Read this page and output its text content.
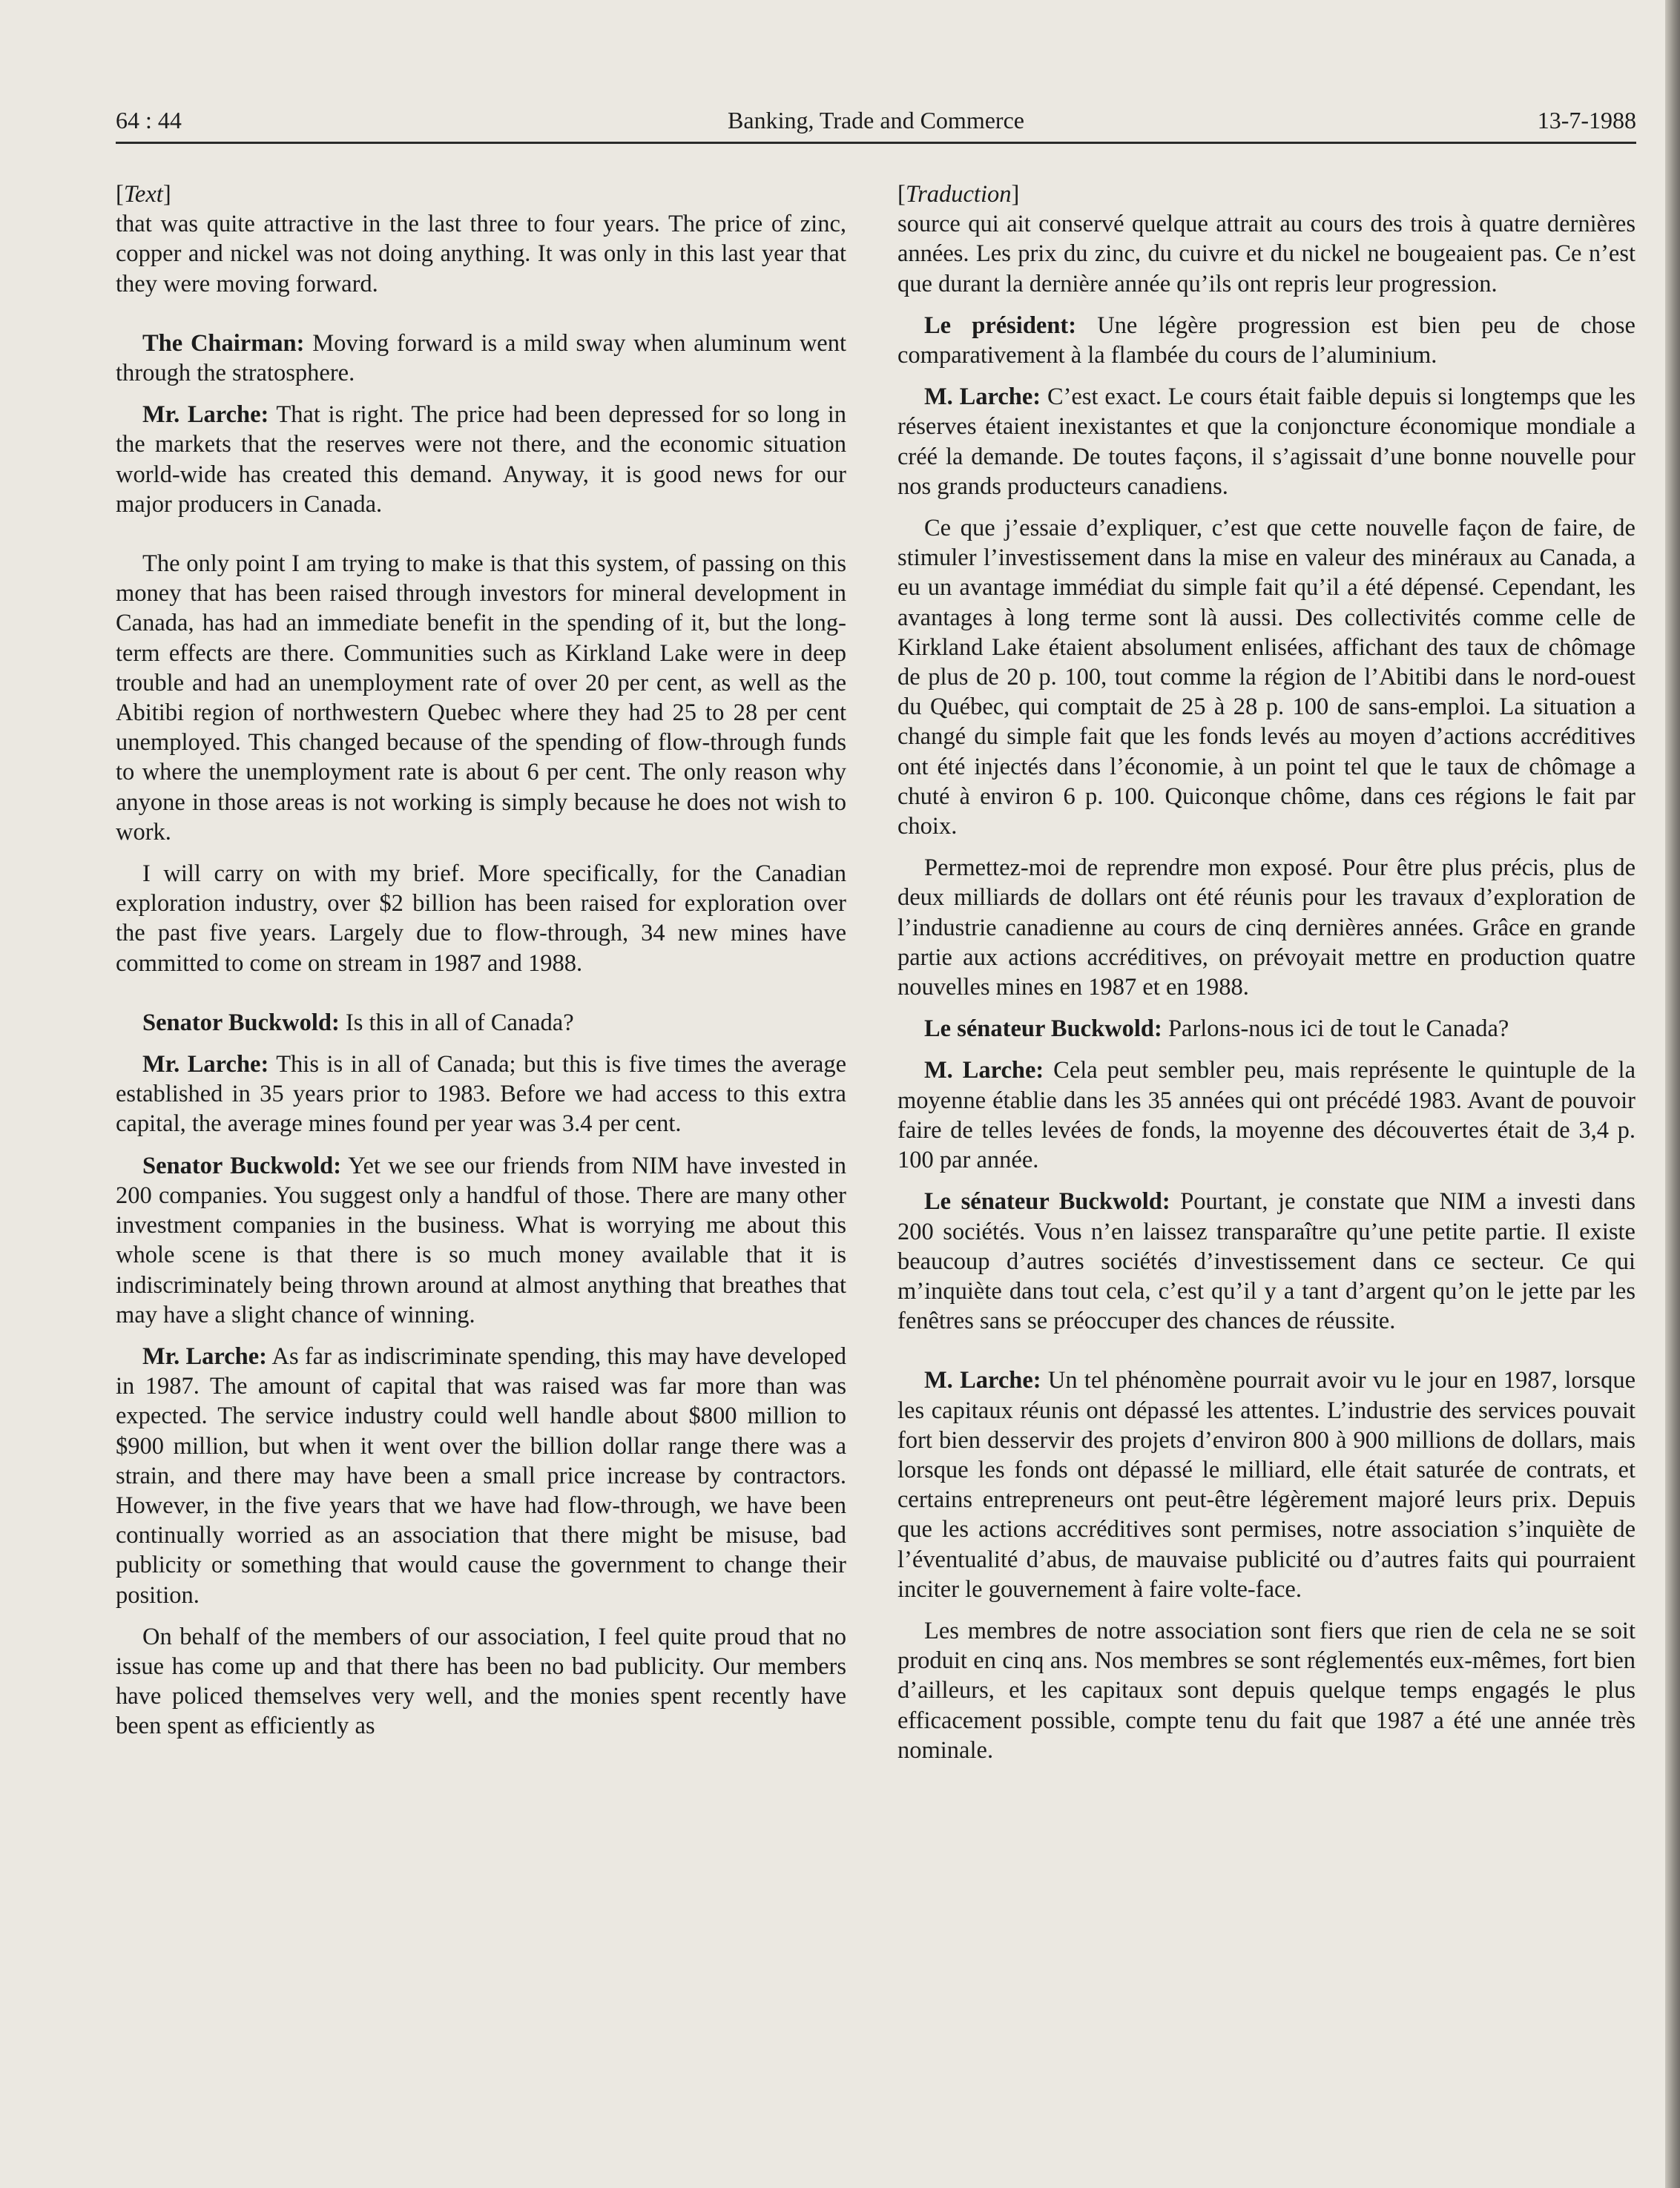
64 : 44	Banking, Trade and Commerce	13-7-1988

[Text]

that was quite attractive in the last three to four years. The price of zinc, copper and nickel was not doing anything. It was only in this last year that they were moving forward.

The Chairman: Moving forward is a mild sway when aluminum went through the stratosphere.

Mr. Larche: That is right. The price had been depressed for so long in the markets that the reserves were not there, and the economic situation world-wide has created this demand. Anyway, it is good news for our major producers in Canada.

The only point I am trying to make is that this system, of passing on this money that has been raised through investors for mineral development in Canada, has had an immediate benefit in the spending of it, but the long-term effects are there. Communities such as Kirkland Lake were in deep trouble and had an unemployment rate of over 20 per cent, as well as the Abitibi region of northwestern Quebec where they had 25 to 28 per cent unemployed. This changed because of the spending of flow-through funds to where the unemployment rate is about 6 per cent. The only reason why anyone in those areas is not working is simply because he does not wish to work.

I will carry on with my brief. More specifically, for the Canadian exploration industry, over $2 billion has been raised for exploration over the past five years. Largely due to flow-through, 34 new mines have committed to come on stream in 1987 and 1988.

Senator Buckwold: Is this in all of Canada?

Mr. Larche: This is in all of Canada; but this is five times the average established in 35 years prior to 1983. Before we had access to this extra capital, the average mines found per year was 3.4 per cent.

Senator Buckwold: Yet we see our friends from NIM have invested in 200 companies. You suggest only a handful of those. There are many other investment companies in the business. What is worrying me about this whole scene is that there is so much money available that it is indiscriminately being thrown around at almost anything that breathes that may have a slight chance of winning.

Mr. Larche: As far as indiscriminate spending, this may have developed in 1987. The amount of capital that was raised was far more than was expected. The service industry could well handle about $800 million to $900 million, but when it went over the billion dollar range there was a strain, and there may have been a small price increase by contractors. However, in the five years that we have had flow-through, we have been continually worried as an association that there might be misuse, bad publicity or something that would cause the government to change their position.

On behalf of the members of our association, I feel quite proud that no issue has come up and that there has been no bad publicity. Our members have policed themselves very well, and the monies spent recently have been spent as efficiently as

[Traduction]

source qui ait conservé quelque attrait au cours des trois à quatre dernières années. Les prix du zinc, du cuivre et du nickel ne bougeaient pas. Ce n’est que durant la dernière année qu’ils ont repris leur progression.

Le président: Une légère progression est bien peu de chose comparativement à la flambée du cours de l’aluminium.

M. Larche: C’est exact. Le cours était faible depuis si longtemps que les réserves étaient inexistantes et que la conjoncture économique mondiale a créé la demande. De toutes façons, il s’agissait d’une bonne nouvelle pour nos grands producteurs canadiens.

Ce que j’essaie d’expliquer, c’est que cette nouvelle façon de faire, de stimuler l’investissement dans la mise en valeur des minéraux au Canada, a eu un avantage immédiat du simple fait qu’il a été dépensé. Cependant, les avantages à long terme sont là aussi. Des collectivités comme celle de Kirkland Lake étaient absolument enlisées, affichant des taux de chômage de plus de 20 p. 100, tout comme la région de l’Abitibi dans le nord-ouest du Québec, qui comptait de 25 à 28 p. 100 de sans-emploi. La situation a changé du simple fait que les fonds levés au moyen d’actions accréditives ont été injectés dans l’économie, à un point tel que le taux de chômage a chuté à environ 6 p. 100. Quiconque chôme, dans ces régions le fait par choix.

Permettez-moi de reprendre mon exposé. Pour être plus précis, plus de deux milliards de dollars ont été réunis pour les travaux d’exploration de l’industrie canadienne au cours de cinq dernières années. Grâce en grande partie aux actions accréditives, on prévoyait mettre en production quatre nouvelles mines en 1987 et en 1988.

Le sénateur Buckwold: Parlons-nous ici de tout le Canada?

M. Larche: Cela peut sembler peu, mais représente le quintuple de la moyenne établie dans les 35 années qui ont précédé 1983. Avant de pouvoir faire de telles levées de fonds, la moyenne des découvertes était de 3,4 p. 100 par année.

Le sénateur Buckwold: Pourtant, je constate que NIM a investi dans 200 sociétés. Vous n’en laissez transparaître qu’une petite partie. Il existe beaucoup d’autres sociétés d’investissement dans ce secteur. Ce qui m’inquiète dans tout cela, c’est qu’il y a tant d’argent qu’on le jette par les fenêtres sans se préoccuper des chances de réussite.

M. Larche: Un tel phénomène pourrait avoir vu le jour en 1987, lorsque les capitaux réunis ont dépassé les attentes. L’industrie des services pouvait fort bien desservir des projets d’environ 800 à 900 millions de dollars, mais lorsque les fonds ont dépassé le milliard, elle était saturée de contrats, et certains entrepreneurs ont peut-être légèrement majoré leurs prix. Depuis que les actions accréditives sont permises, notre association s’inquiète de l’éventualité d’abus, de mauvaise publicité ou d’autres faits qui pourraient inciter le gouvernement à faire volte-face.

Les membres de notre association sont fiers que rien de cela ne se soit produit en cinq ans. Nos membres se sont réglementés eux-mêmes, fort bien d’ailleurs, et les capitaux sont depuis quelque temps engagés le plus efficacement possible, compte tenu du fait que 1987 a été une année très nominale.
